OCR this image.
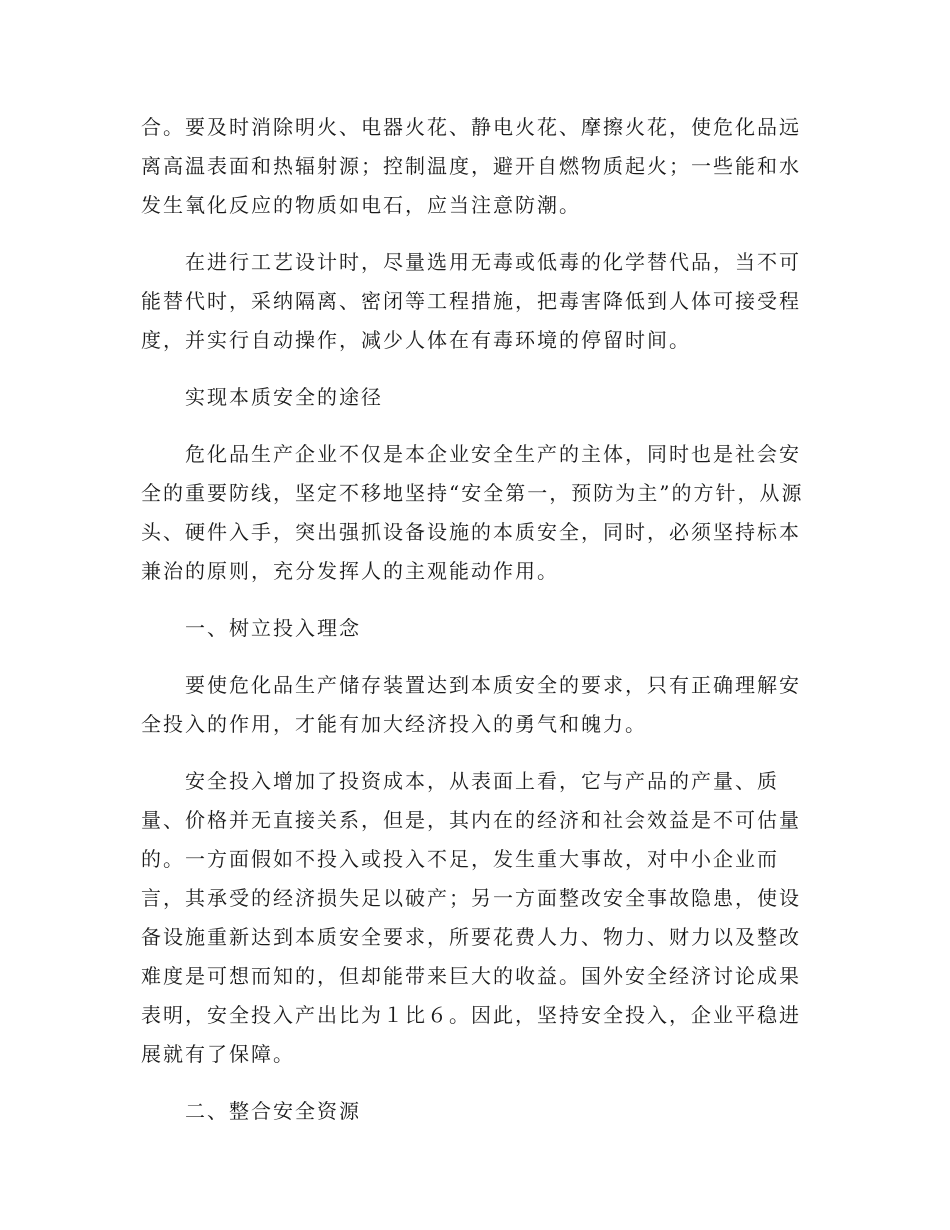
合。要及时消除明火、电器火花、静电火花、摩擦火花，使危化品远离高温表面和热辐射源；控制温度，避开自燃物质起火；一些能和水发生氧化反应的物质如电石，应当注意防潮。

在进行工艺设计时，尽量选用无毒或低毒的化学替代品，当不可能替代时，采纳隔离、密闭等工程措施，把毒害降低到人体可接受程度，并实行自动操作，减少人体在有毒环境的停留时间。

实现本质安全的途径

危化品生产企业不仅是本企业安全生产的主体，同时也是社会安全的重要防线，坚定不移地坚持“安全第一，预防为主”的方针，从源头、硬件入手，突出强抓设备设施的本质安全，同时，必须坚持标本兼治的原则，充分发挥人的主观能动作用。

一、树立投入理念

要使危化品生产储存装置达到本质安全的要求，只有正确理解安全投入的作用，才能有加大经济投入的勇气和魄力。

安全投入增加了投资成本，从表面上看，它与产品的产量、质量、价格并无直接关系，但是，其内在的经济和社会效益是不可估量的。一方面假如不投入或投入不足，发生重大事故，对中小企业而言，其承受的经济损失足以破产；另一方面整改安全事故隐患，使设备设施重新达到本质安全要求，所要花费人力、物力、财力以及整改难度是可想而知的，但却能带来巨大的收益。国外安全经济讨论成果表明，安全投入产出比为１比６。因此，坚持安全投入，企业平稳进展就有了保障。

二、整合安全资源
